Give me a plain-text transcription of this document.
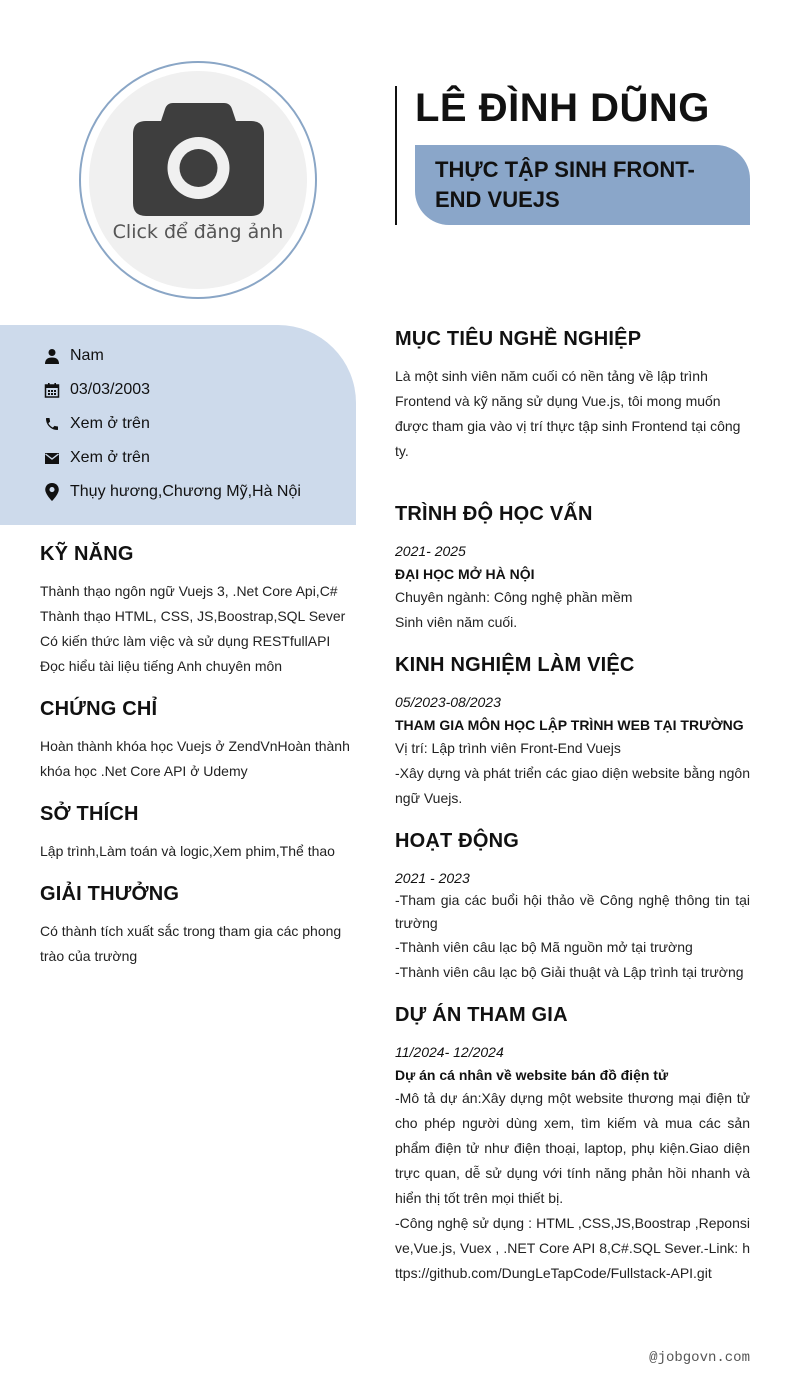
Click để đăng ảnh
LÊ ĐÌNH DŨNG
THỰC TẬP SINH FRONT-END VUEJS
Nam
03/03/2003
Xem ở trên
Xem ở trên
Thụy hương,Chương Mỹ,Hà Nội
KỸ NĂNG
Thành thạo ngôn ngữ Vuejs 3, .Net Core Api,C#
Thành thạo HTML, CSS, JS,Boostrap,SQL Sever
Có kiến thức làm việc và sử dụng RESTfullAPI
Đọc hiểu tài liệu tiếng Anh chuyên môn
CHỨNG CHỈ
Hoàn thành khóa học Vuejs ở ZendVnHoàn thành
khóa học .Net Core API ở Udemy
SỞ THÍCH
Lập trình,Làm toán và logic,Xem phim,Thể thao
GIẢI THƯỞNG
Có thành tích xuất sắc trong tham gia các phong
trào của trường
MỤC TIÊU NGHỀ NGHIỆP
Là một sinh viên năm cuối có nền tảng về lập trình
Frontend và kỹ năng sử dụng Vue.js, tôi mong muốn
được tham gia vào vị trí thực tập sinh Frontend tại công
ty.
TRÌNH ĐỘ HỌC VẤN
2021- 2025
ĐẠI HỌC MỞ HÀ NỘI
Chuyên ngành: Công nghệ phần mềm
Sinh viên năm cuối.
KINH NGHIỆM LÀM VIỆC
05/2023-08/2023
THAM GIA MÔN HỌC LẬP TRÌNH WEB TẠI TRƯỜNG
Vị trí: Lập trình viên Front-End Vuejs
-Xây dựng và phát triển các giao diện website bằng ngôn ngữ Vuejs.
HOẠT ĐỘNG
2021 - 2023
-Tham gia các buổi hội thảo về Công nghệ thông tin tại trường
-Thành viên câu lạc bộ Mã nguồn mở tại trường
-Thành viên câu lạc bộ Giải thuật và Lập trình tại trường
DỰ ÁN THAM GIA
11/2024- 12/2024
Dự án cá nhân về website bán đồ điện tử
-Mô tả dự án:Xây dựng một website thương mại điện tử cho phép người dùng xem, tìm kiếm và mua các sản phẩm điện tử như điện thoại, laptop, phụ kiện.Giao diện trực quan, dễ sử dụng với tính năng phản hồi nhanh và hiển thị tốt trên mọi thiết bị.
-Công nghệ sử dụng : HTML ,CSS,JS,Boostrap ,Reponsive,Vue.js, Vuex , .NET Core API 8,C#.SQL Sever.-Link: https://github.com/DungLeTapCode/Fullstack-API.git
@jobgovn.com
